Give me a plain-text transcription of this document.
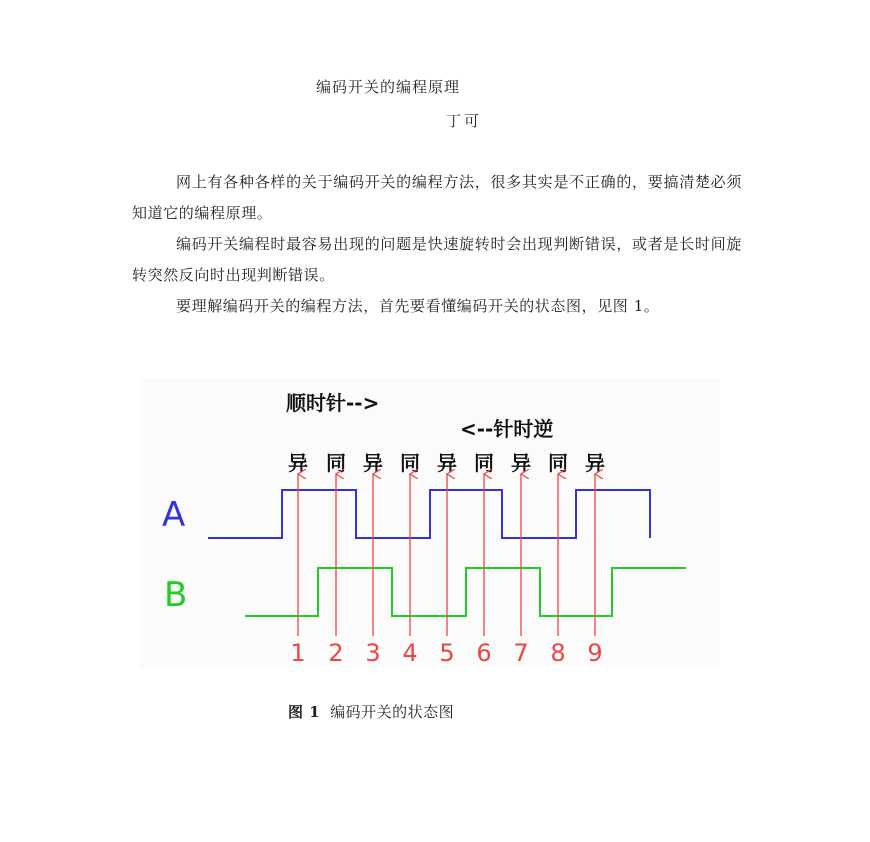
编码开关的编程原理
丁可

网上有各种各样的关于编码开关的编程方法，很多其实是不正确的，要搞清楚必须知道它的编程原理。

编码开关编程时最容易出现的问题是快速旋转时会出现判断错误，或者是长时间旋转突然反向时出现判断错误。

要理解编码开关的编程方法，首先要看懂编码开关的状态图，见图 1。

顺时针-->
<--针时逆
异 同 异 同 异 同 异 同 异
A
B
1 2 3 4 5 6 7 8 9

图 1 编码开关的状态图
